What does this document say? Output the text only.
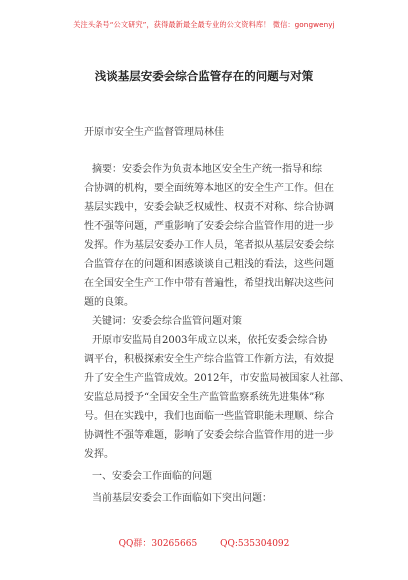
关注头条号“公文研究”，获得最新最全最专业的公文资料库！ 微信：gongwenyj
浅谈基层安委会综合监管存在的问题与对策

开原市安全生产监督管理局林佳

摘要：安委会作为负责本地区安全生产统一指导和综

合协调的机构，要全面统筹本地区的安全生产工作。但在

基层实践中，安委会缺乏权威性、权责不对称、综合协调

性不强等问题，严重影响了安委会综合监管作用的进一步

发挥。作为基层安委办工作人员，笔者拟从基层安委会综

合监管存在的问题和困惑谈谈自己粗浅的看法，这些问题

在全国安全生产工作中带有普遍性，希望找出解决这些问

题的良策。

关键词：安委会综合监管问题对策

开原市安监局自2003年成立以来，依托安委会综合协

调平台，积极探索安全生产综合监管工作新方法，有效提

升了安全生产监管成效。2012年，市安监局被国家人社部、

安监总局授予“全国安全生产监管监察系统先进集体”称

号。但在实践中，我们也面临一些监管职能未理顺、综合

协调性不强等难题，影响了安委会综合监管作用的进一步

发挥。

一、安委会工作面临的问题

当前基层安委会工作面临如下突出问题：

QQ群：30265665	QQ:535304092
